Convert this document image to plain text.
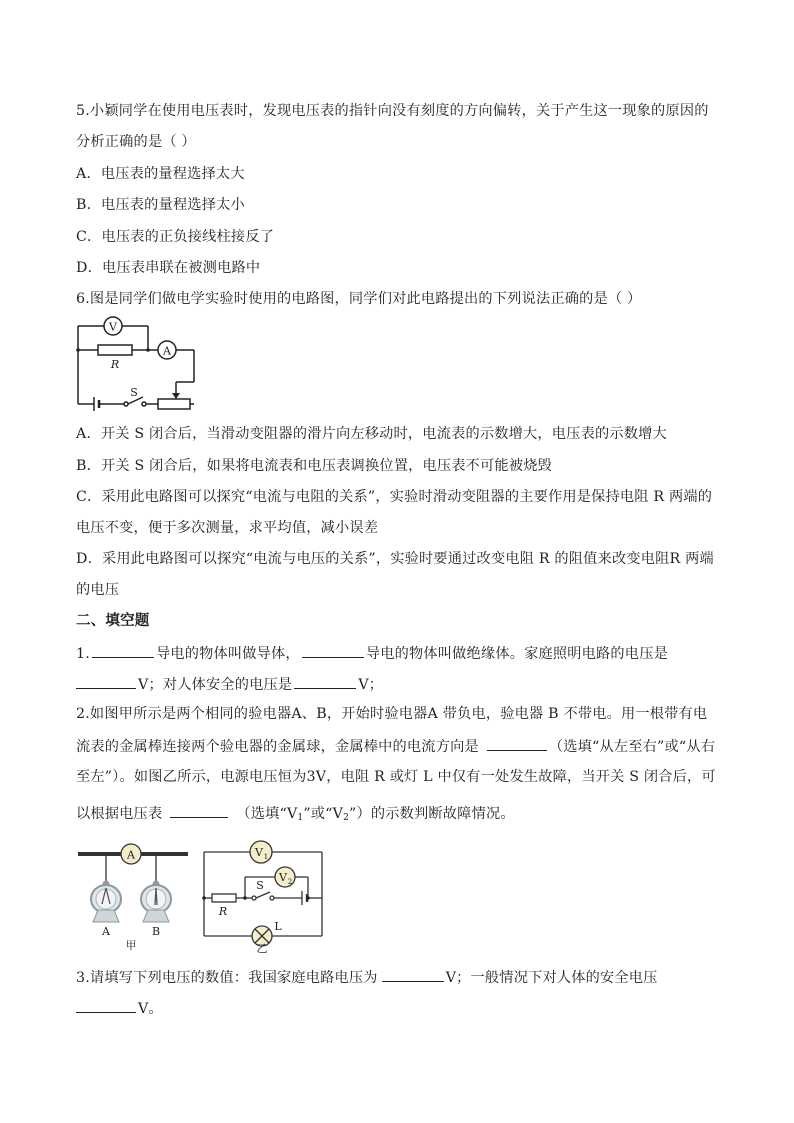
5.小颖同学在使用电压表时，发现电压表的指针向没有刻度的方向偏转，关于产生这一现象的原因的
分析正确的是（ ）
A．电压表的量程选择太大
B．电压表的量程选择太小
C．电压表的正负接线柱接反了
D．电压表串联在被测电路中
6.图是同学们做电学实验时使用的电路图，同学们对此电路提出的下列说法正确的是（ ）
V
A
R
S
A．开关 S 闭合后，当滑动变阻器的滑片向左移动时，电流表的示数增大，电压表的示数增大
B．开关 S 闭合后，如果将电流表和电压表调换位置，电压表不可能被烧毁
C．采用此电路图可以探究“电流与电阻的关系”，实验时滑动变阻器的主要作用是保持电阻 R 两端的
电压不变，便于多次测量，求平均值，减小误差
D．采用此电路图可以探究“电流与电压的关系”，实验时要通过改变电阻 R 的阻值来改变电阻R 两端
的电压
二、填空题
1.	导电的物体叫做导体，	导电的物体叫做绝缘体。家庭照明电路的电压是
V；对人体安全的电压是	V；
2.如图甲所示是两个相同的验电器A、B，开始时验电器A 带负电，验电器 B 不带电。用一根带有电
流表的金属棒连接两个验电器的金属球，金属棒中的电流方向是	（选填“从左至右”或“从右
至左”）。如图乙所示，电源电压恒为3V，电阻 R 或灯 L 中仅有一处发生故障，当开关 S 闭合后，可
以根据电压表	（选填“$V_1$”或“$V_2$”）的示数判断故障情况。
A
A	B
甲
V 1
V 2
S
R
L
乙
3.请填写下列电压的数值：我国家庭电路电压为	V；一般情况下对人体的安全电压
V。
